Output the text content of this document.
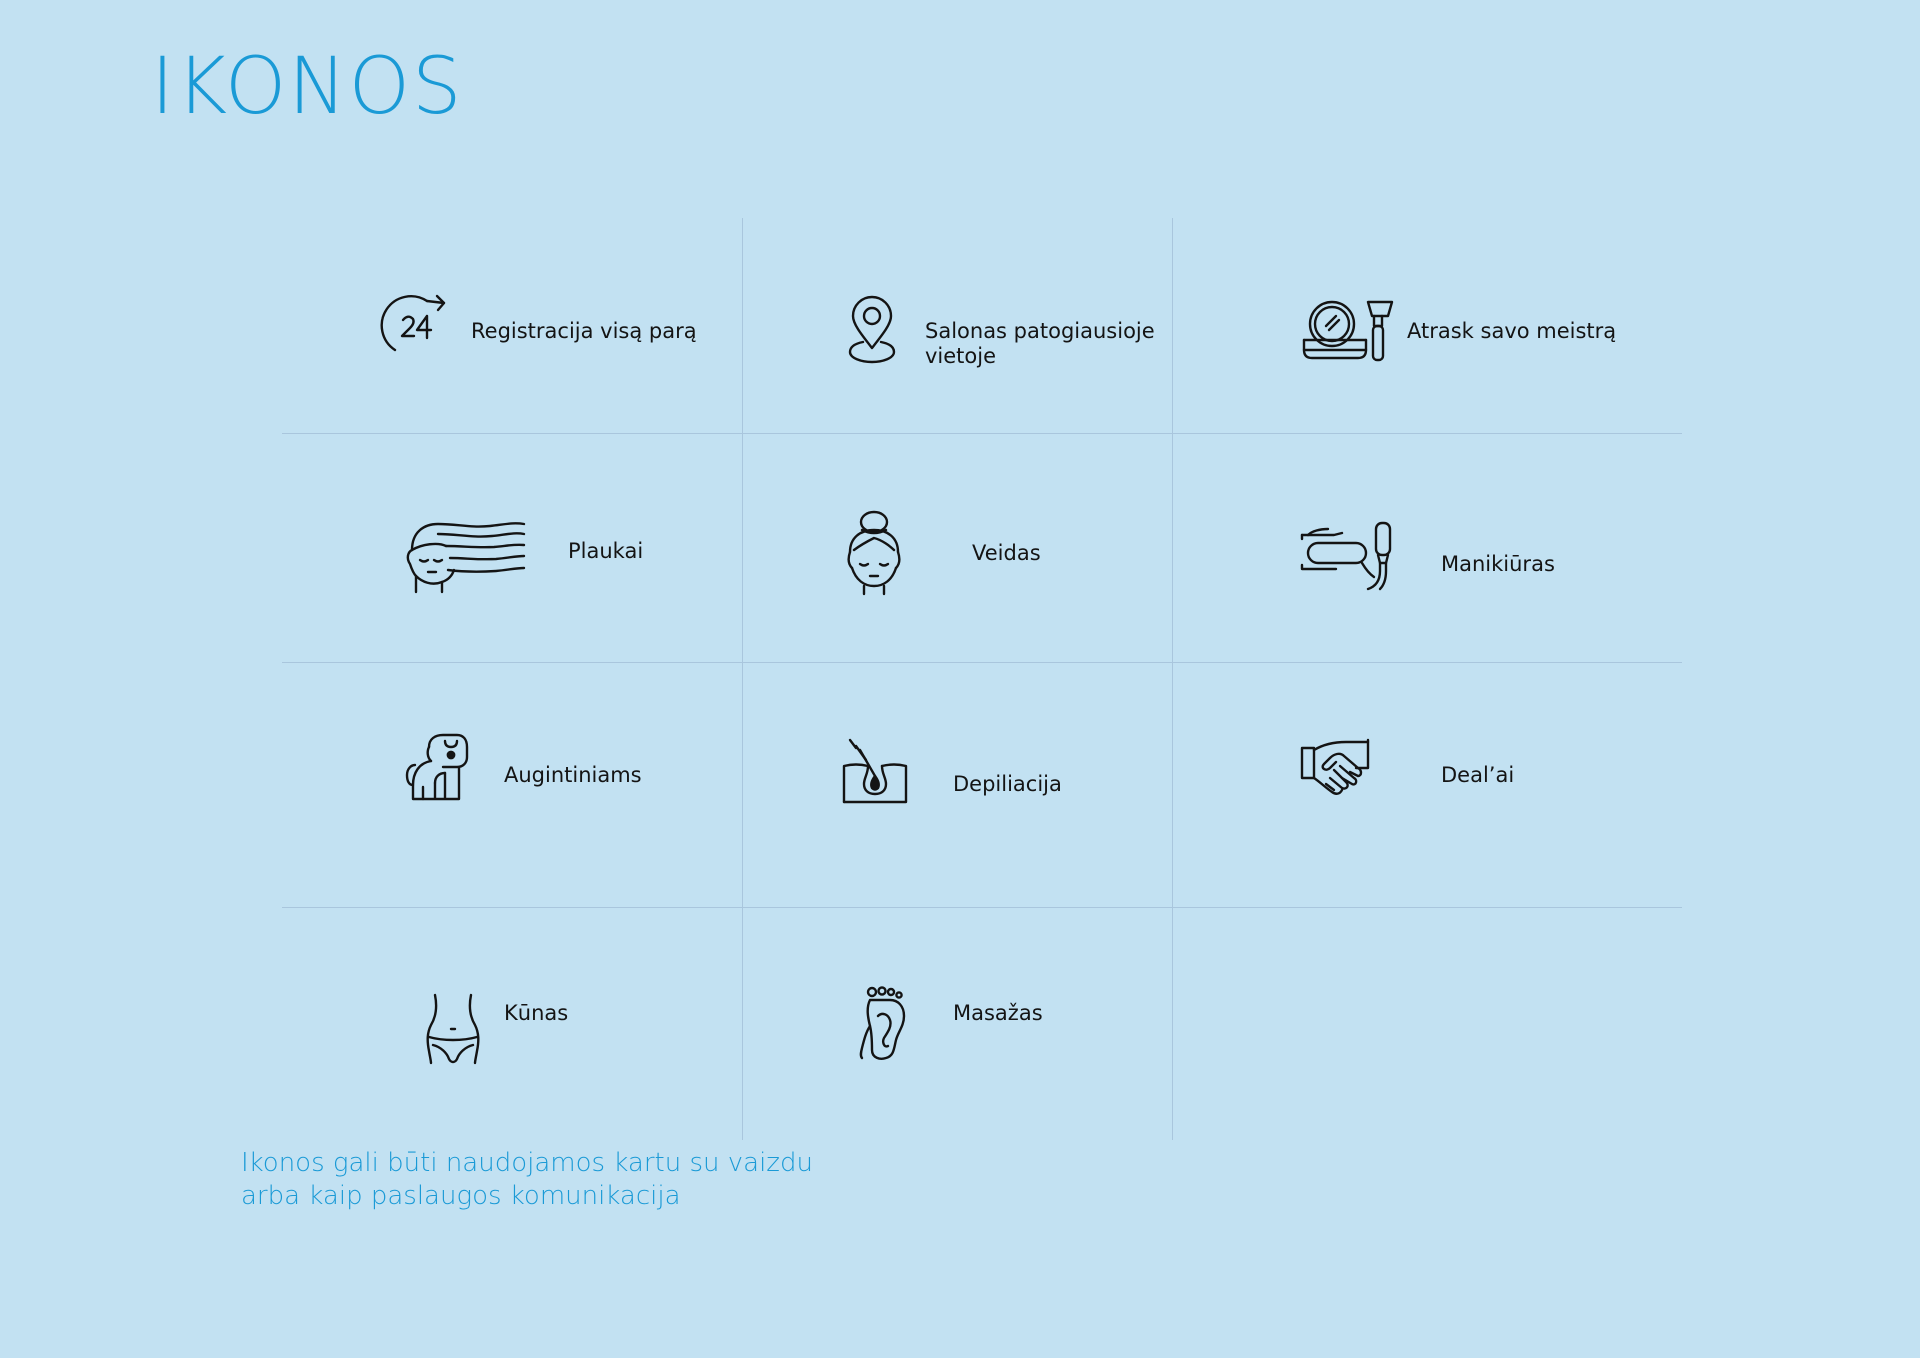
IKONOS
Registracija visą parą	Salonas patogiausioje vietoje
Atrask savo meistrą
Plaukai	Veidas	Manikiūras
Augintiniams	Depiliacija	Deal’ai
Kūnas	Masažas

Ikonos gali būti naudojamos kartu su vaizdu
arba kaip paslaugos komunikacija
